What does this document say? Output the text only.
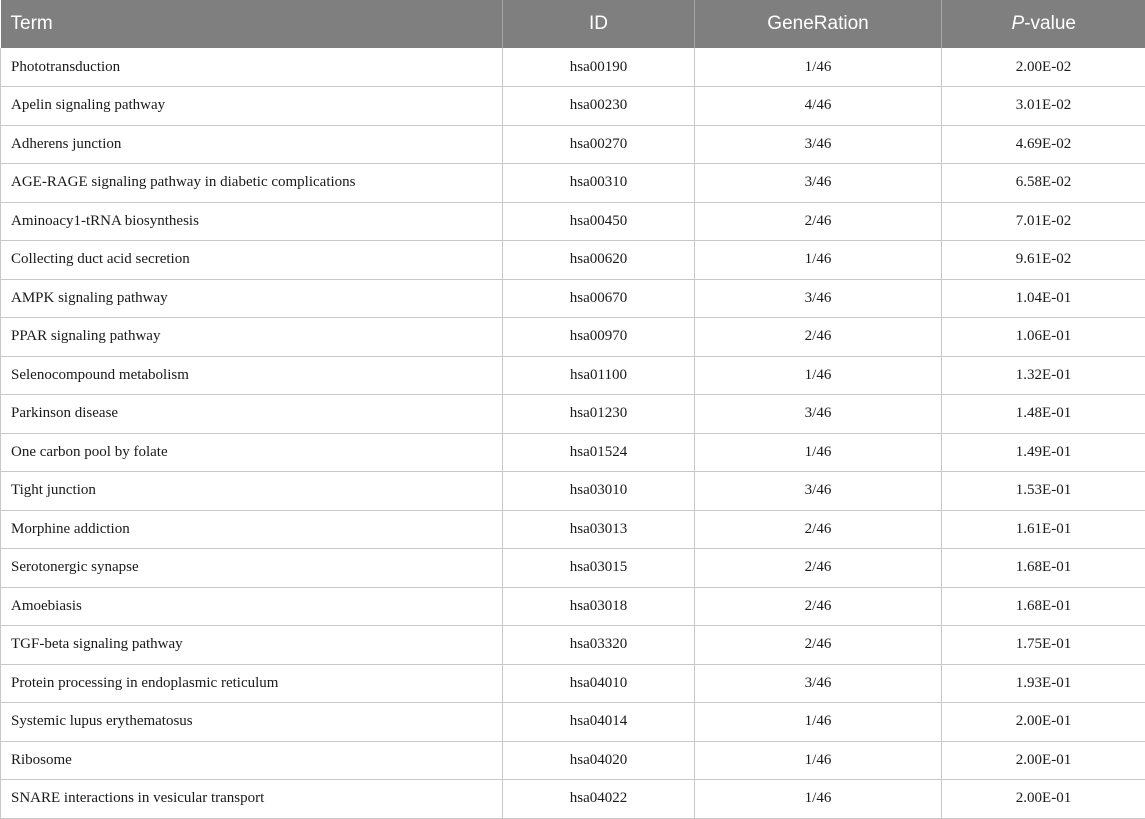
Term	ID	GeneRation	P-value
Phototransduction	hsa00190	1/46	2.00E-02
Apelin signaling pathway	hsa00230	4/46	3.01E-02
Adherens junction	hsa00270	3/46	4.69E-02
AGE-RAGE signaling pathway in diabetic complications	hsa00310	3/46	6.58E-02
Aminoacy1-tRNA biosynthesis	hsa00450	2/46	7.01E-02
Collecting duct acid secretion	hsa00620	1/46	9.61E-02
AMPK signaling pathway	hsa00670	3/46	1.04E-01
PPAR signaling pathway	hsa00970	2/46	1.06E-01
Selenocompound metabolism	hsa01100	1/46	1.32E-01
Parkinson disease	hsa01230	3/46	1.48E-01
One carbon pool by folate	hsa01524	1/46	1.49E-01
Tight junction	hsa03010	3/46	1.53E-01
Morphine addiction	hsa03013	2/46	1.61E-01
Serotonergic synapse	hsa03015	2/46	1.68E-01
Amoebiasis	hsa03018	2/46	1.68E-01
TGF-beta signaling pathway	hsa03320	2/46	1.75E-01
Protein processing in endoplasmic reticulum	hsa04010	3/46	1.93E-01
Systemic lupus erythematosus	hsa04014	1/46	2.00E-01
Ribosome	hsa04020	1/46	2.00E-01
SNARE interactions in vesicular transport	hsa04022	1/46	2.00E-01
